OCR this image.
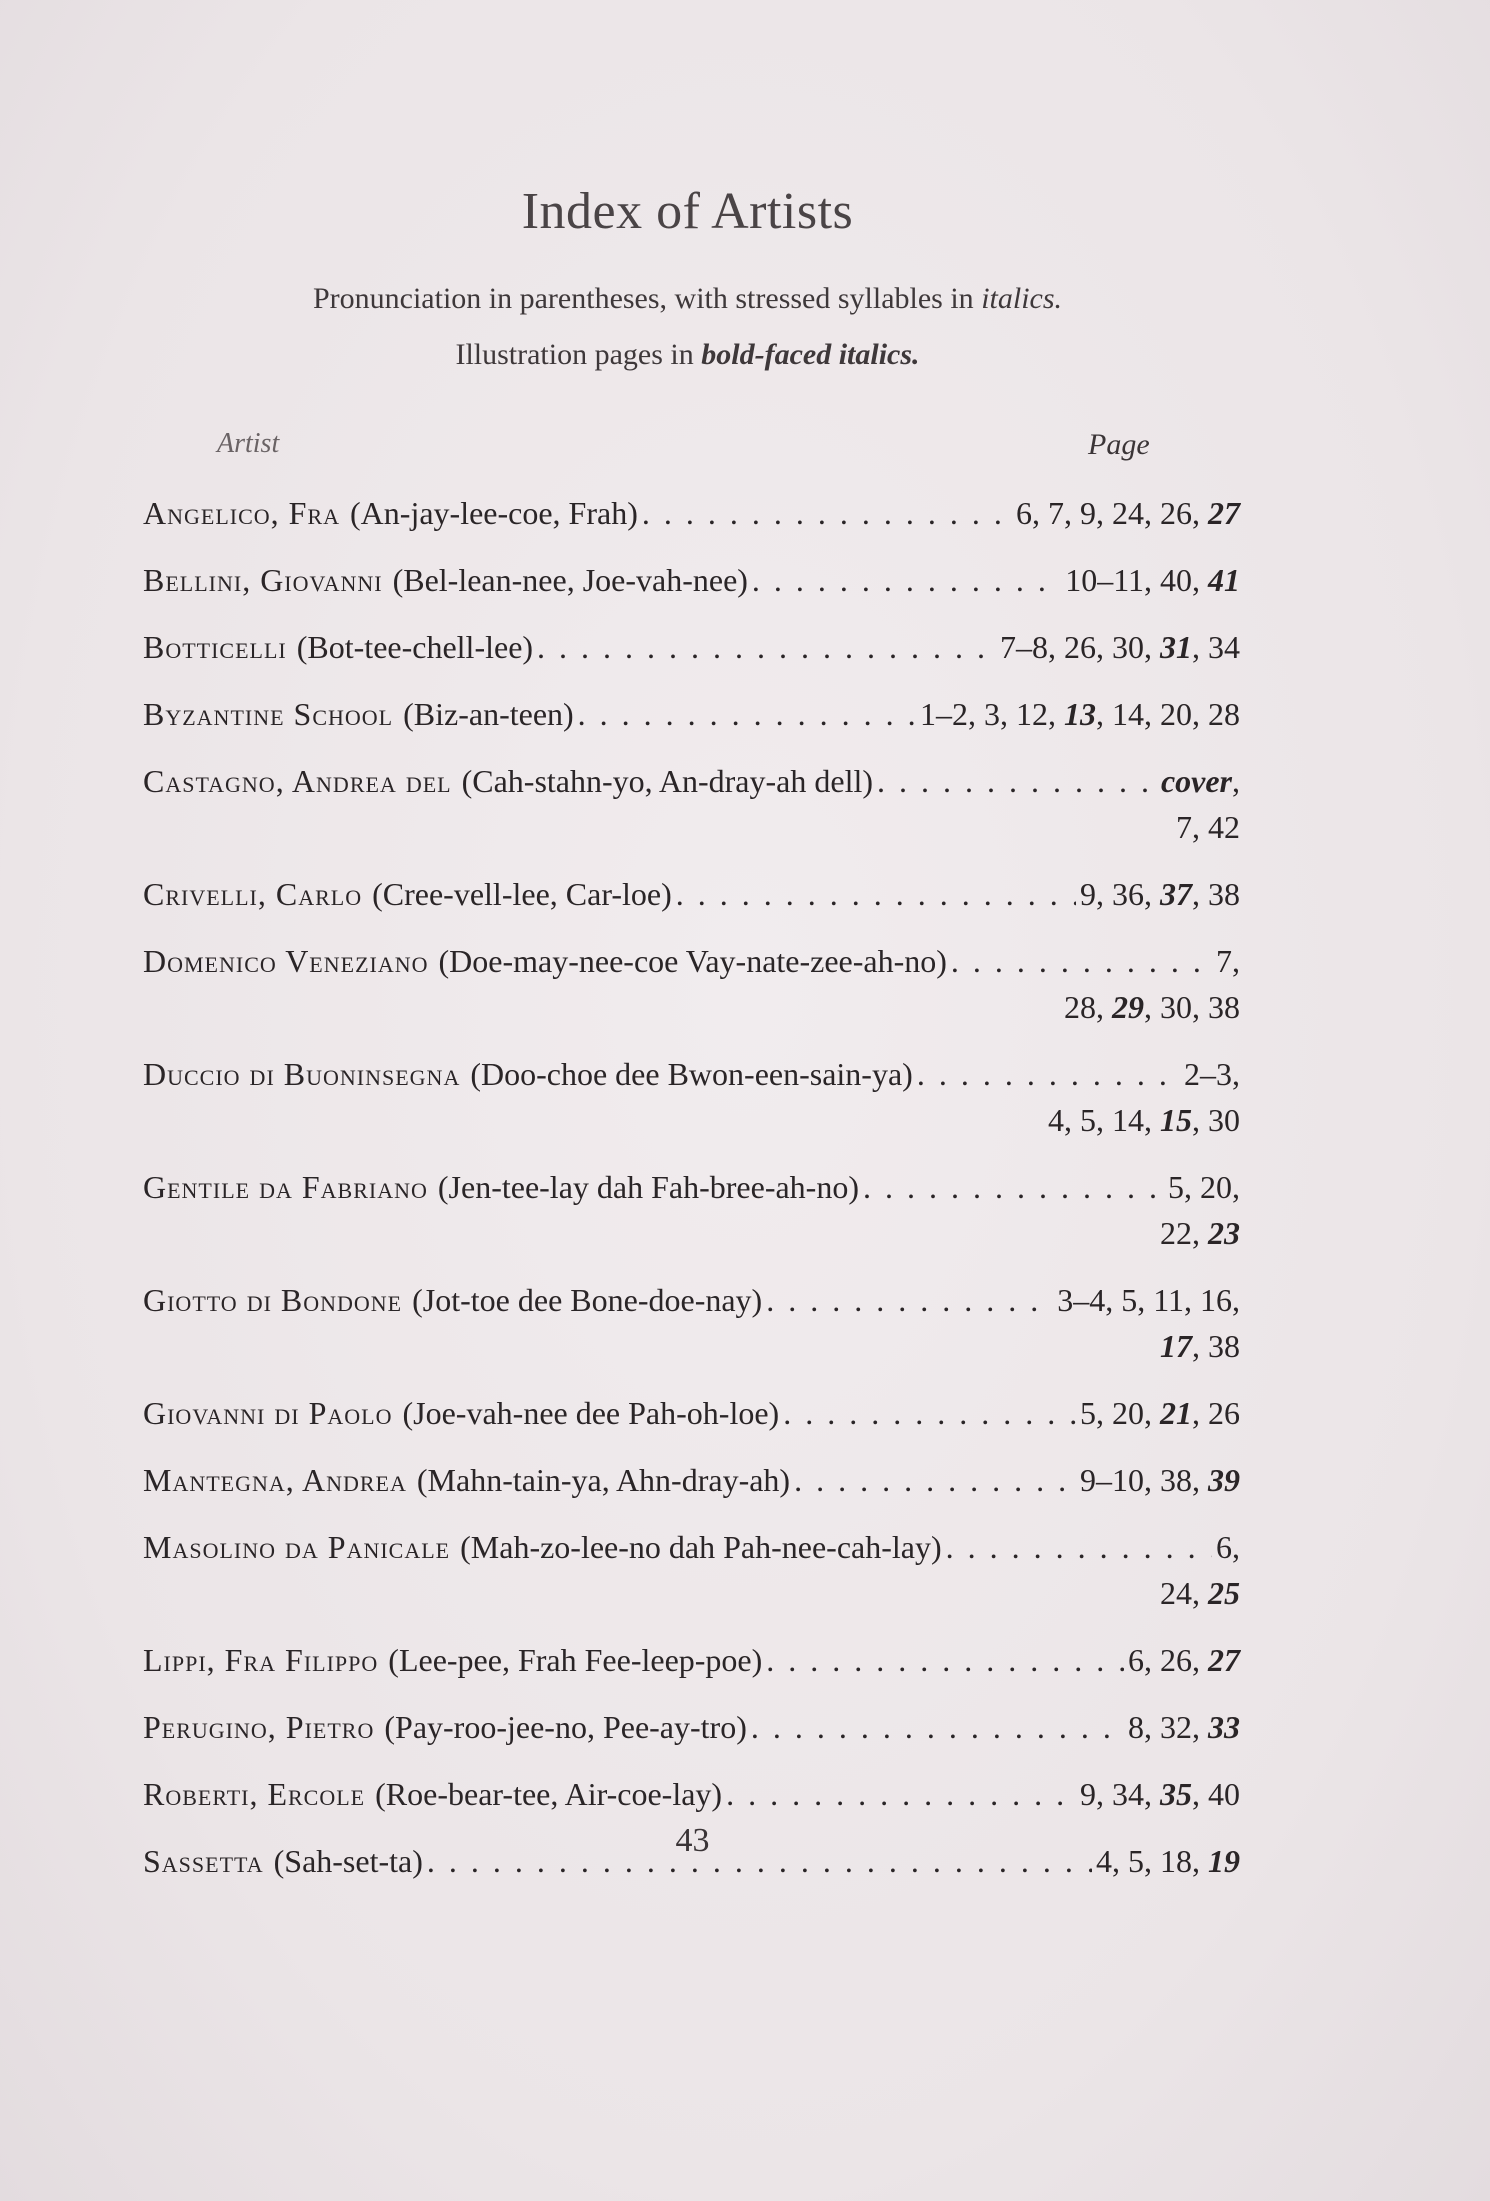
Index of Artists
Pronunciation in parentheses, with stressed syllables in italics.
Illustration pages in bold-faced italics.
Artist	Page
Angelico, Fra (An-jay-lee-coe, Frah) . . .	6, 7, 9, 24, 26, 27
Bellini, Giovanni (Bel-lean-nee, Joe-vah-nee) . . .	10–11, 40, 41
Botticelli (Bot-tee-chell-lee) . . .	7–8, 26, 30, 31, 34
Byzantine School (Biz-an-teen) . . .	1–2, 3, 12, 13, 14, 20, 28
Castagno, Andrea del (Cah-stahn-yo, An-dray-ah dell) . . .	cover,
7, 42
Crivelli, Carlo (Cree-vell-lee, Car-loe) . . .	9, 36, 37, 38
Domenico Veneziano (Doe-may-nee-coe Vay-nate-zee-ah-no) . . .	7,
28, 29, 30, 38
Duccio di Buoninsegna (Doo-choe dee Bwon-een-sain-ya) . . .	2–3,
4, 5, 14, 15, 30
Gentile da Fabriano (Jen-tee-lay dah Fah-bree-ah-no) . . .	5, 20,
22, 23
Giotto di Bondone (Jot-toe dee Bone-doe-nay) . . .	3–4, 5, 11, 16,
17, 38
Giovanni di Paolo (Joe-vah-nee dee Pah-oh-loe) . . .	5, 20, 21, 26
Mantegna, Andrea (Mahn-tain-ya, Ahn-dray-ah) . . .	9–10, 38, 39
Masolino da Panicale (Mah-zo-lee-no dah Pah-nee-cah-lay) . . .	6,
24, 25
Lippi, Fra Filippo (Lee-pee, Frah Fee-leep-poe) . . .	6, 26, 27
Perugino, Pietro (Pay-roo-jee-no, Pee-ay-tro) . . .	8, 32, 33
Roberti, Ercole (Roe-bear-tee, Air-coe-lay) . . .	9, 34, 35, 40
Sassetta (Sah-set-ta) . . .	4, 5, 18, 19
43
